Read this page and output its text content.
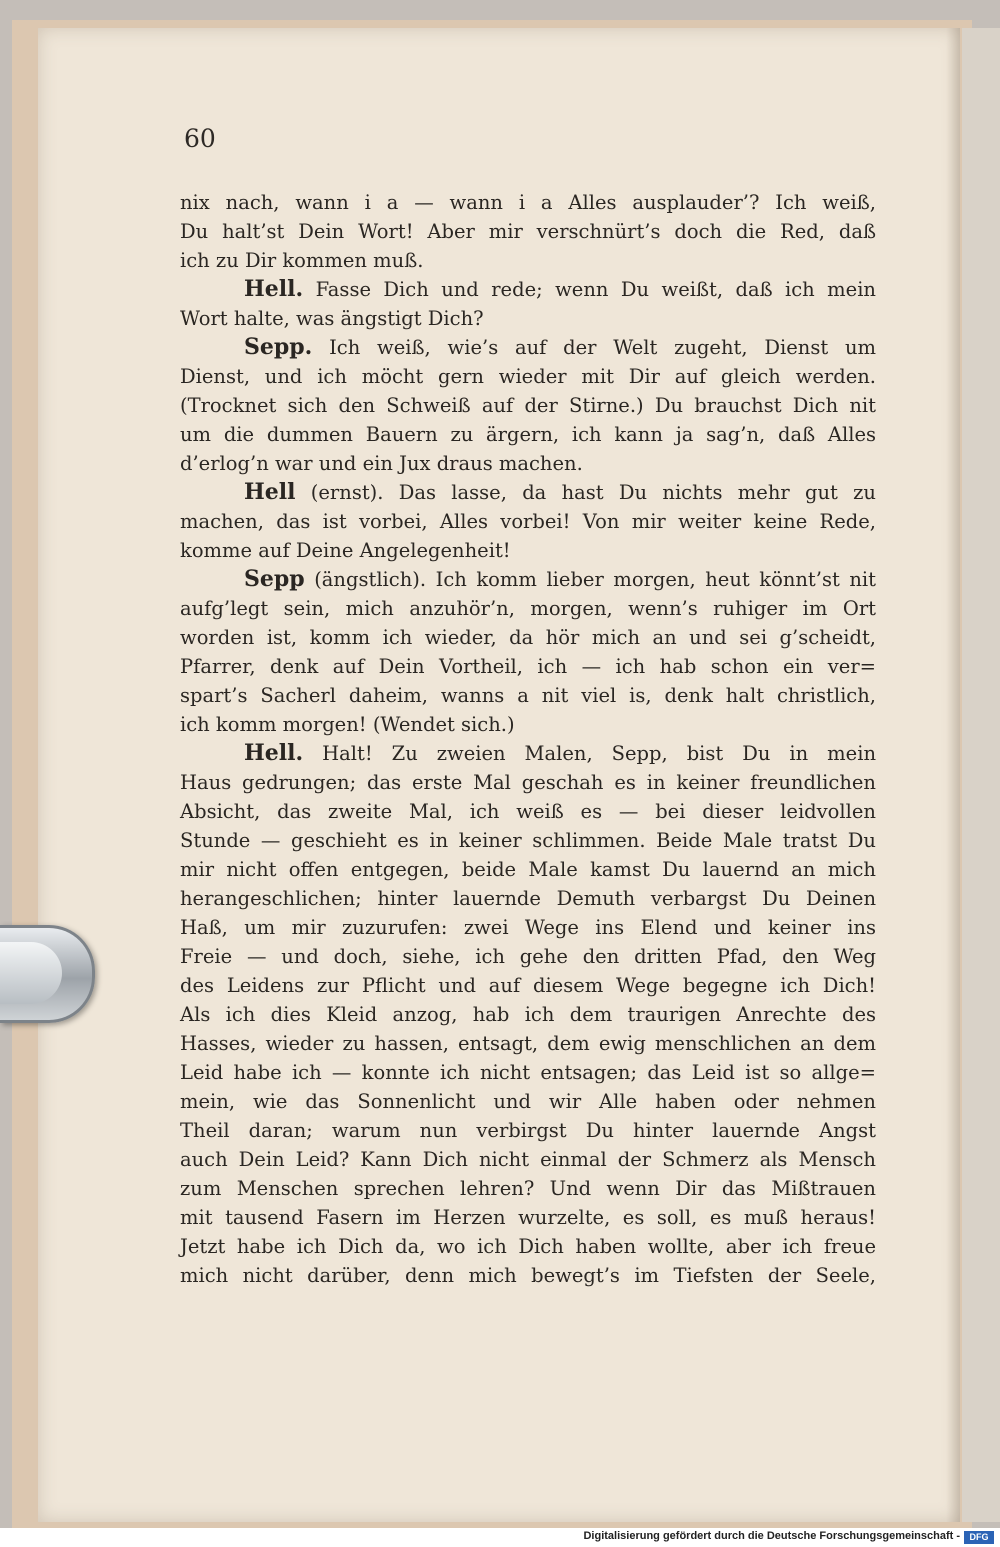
60
nix nach, wann i a — wann i a Alles ausplauder’? Ich weiß,
Du halt’st Dein Wort! Aber mir verschnürt’s doch die Red, daß
ich zu Dir kommen muß.
Hell. Fasse Dich und rede; wenn Du weißt, daß ich mein
Wort halte, was ängstigt Dich?
Sepp. Ich weiß, wie’s auf der Welt zugeht, Dienst um
Dienst, und ich möcht gern wieder mit Dir auf gleich werden.
(Trocknet sich den Schweiß auf der Stirne.) Du brauchst Dich nit
um die dummen Bauern zu ärgern, ich kann ja sag’n, daß Alles
d’erlog’n war und ein Jux draus machen.
Hell (ernst). Das lasse, da hast Du nichts mehr gut zu
machen, das ist vorbei, Alles vorbei! Von mir weiter keine Rede,
komme auf Deine Angelegenheit!
Sepp (ängstlich). Ich komm lieber morgen, heut könnt’st nit
aufg’legt sein, mich anzuhör’n, morgen, wenn’s ruhiger im Ort
worden ist, komm ich wieder, da hör mich an und sei g’scheidt,
Pfarrer, denk auf Dein Vortheil, ich — ich hab schon ein ver=
spart’s Sacherl daheim, wanns a nit viel is, denk halt christlich,
ich komm morgen! (Wendet sich.)
Hell. Halt! Zu zweien Malen, Sepp, bist Du in mein
Haus gedrungen; das erste Mal geschah es in keiner freundlichen
Absicht, das zweite Mal, ich weiß es — bei dieser leidvollen
Stunde — geschieht es in keiner schlimmen. Beide Male tratst Du
mir nicht offen entgegen, beide Male kamst Du lauernd an mich
herangeschlichen; hinter lauernde Demuth verbargst Du Deinen
Haß, um mir zuzurufen: zwei Wege ins Elend und keiner ins
Freie — und doch, siehe, ich gehe den dritten Pfad, den Weg
des Leidens zur Pflicht und auf diesem Wege begegne ich Dich!
Als ich dies Kleid anzog, hab ich dem traurigen Anrechte des
Hasses, wieder zu hassen, entsagt, dem ewig menschlichen an dem
Leid habe ich — konnte ich nicht entsagen; das Leid ist so allge=
mein, wie das Sonnenlicht und wir Alle haben oder nehmen
Theil daran; warum nun verbirgst Du hinter lauernde Angst
auch Dein Leid? Kann Dich nicht einmal der Schmerz als Mensch
zum Menschen sprechen lehren? Und wenn Dir das Mißtrauen
mit tausend Fasern im Herzen wurzelte, es soll, es muß heraus!
Jetzt habe ich Dich da, wo ich Dich haben wollte, aber ich freue
mich nicht darüber, denn mich bewegt’s im Tiefsten der Seele,
Digitalisierung gefördert durch die Deutsche Forschungsgemeinschaft -	DFG
